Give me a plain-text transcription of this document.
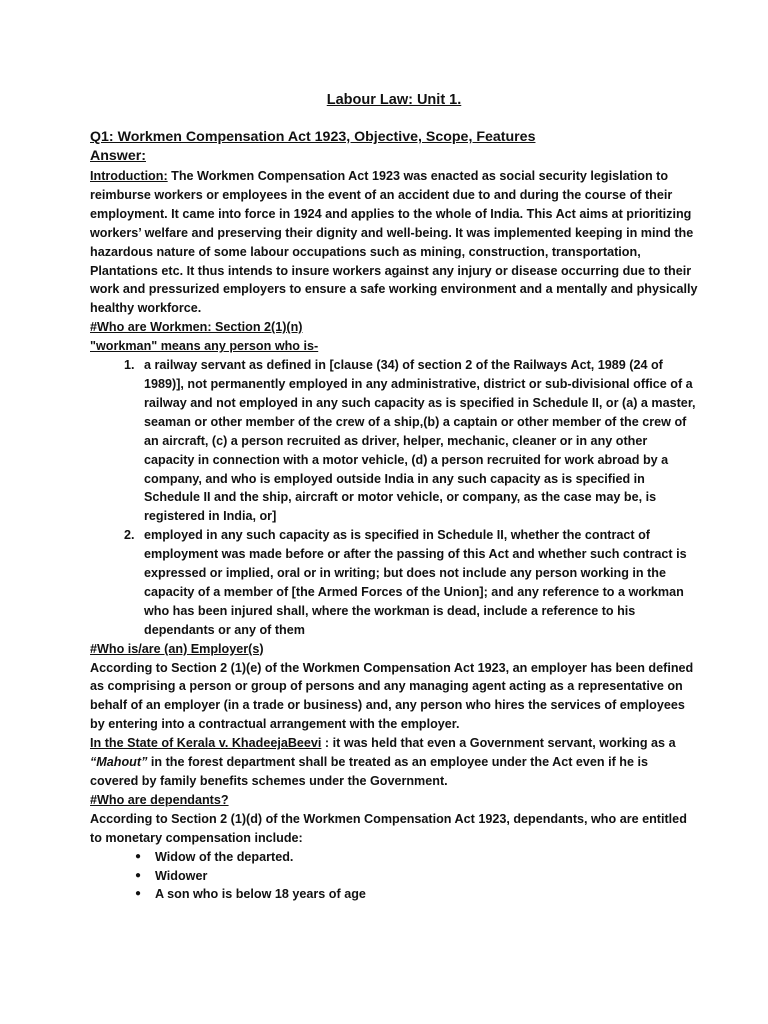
Labour Law: Unit 1.
Q1: Workmen Compensation Act 1923, Objective, Scope, Features
Answer:

Introduction: The Workmen Compensation Act 1923 was enacted as social security legislation to reimburse workers or employees in the event of an accident due to and during the course of their employment. It came into force in 1924 and applies to the whole of India. This Act aims at prioritizing workers’ welfare and preserving their dignity and well-being. It was implemented keeping in mind the hazardous nature of some labour occupations such as mining, construction, transportation, Plantations etc. It thus intends to insure workers against any injury or disease occurring due to their work and pressurized employers to ensure a safe working environment and a mentally and physically healthy workforce.

#Who are Workmen: Section 2(1)(n)

"workman" means any person who is-

1. a railway servant as defined in [clause (34) of section 2 of the Railways Act, 1989 (24 of 1989)], not permanently employed in any administrative, district or sub-divisional office of a railway and not employed in any such capacity as is specified in Schedule II, or (a) a master, seaman or other member of the crew of a ship,(b) a captain or other member of the crew of an aircraft, (c) a person recruited as driver, helper, mechanic, cleaner or in any other capacity in connection with a motor vehicle, (d) a person recruited for work abroad by a company, and who is employed outside India in any such capacity as is specified in Schedule II and the ship, aircraft or motor vehicle, or company, as the case may be, is registered in India, or]
2. employed in any such capacity as is specified in Schedule II, whether the contract of employment was made before or after the passing of this Act and whether such contract is expressed or implied, oral or in writing; but does not include any person working in the capacity of a member of [the Armed Forces of the Union]; and any reference to a workman who has been injured shall, where the workman is dead, include a reference to his dependants or any of them

#Who is/are (an) Employer(s)

According to Section 2 (1)(e) of the Workmen Compensation Act 1923, an employer has been defined as comprising a person or group of persons and any managing agent acting as a representative on behalf of an employer (in a trade or business) and, any person who hires the services of employees by entering into a contractual arrangement with the employer.

In the State of Kerala v. KhadeejaBeevi : it was held that even a Government servant, working as a “Mahout” in the forest department shall be treated as an employee under the Act even if he is covered by family benefits schemes under the Government.

#Who are dependants?

According to Section 2 (1)(d) of the Workmen Compensation Act 1923, dependants, who are entitled to monetary compensation include:

● Widow of the departed.
● Widower
● A son who is below 18 years of age
